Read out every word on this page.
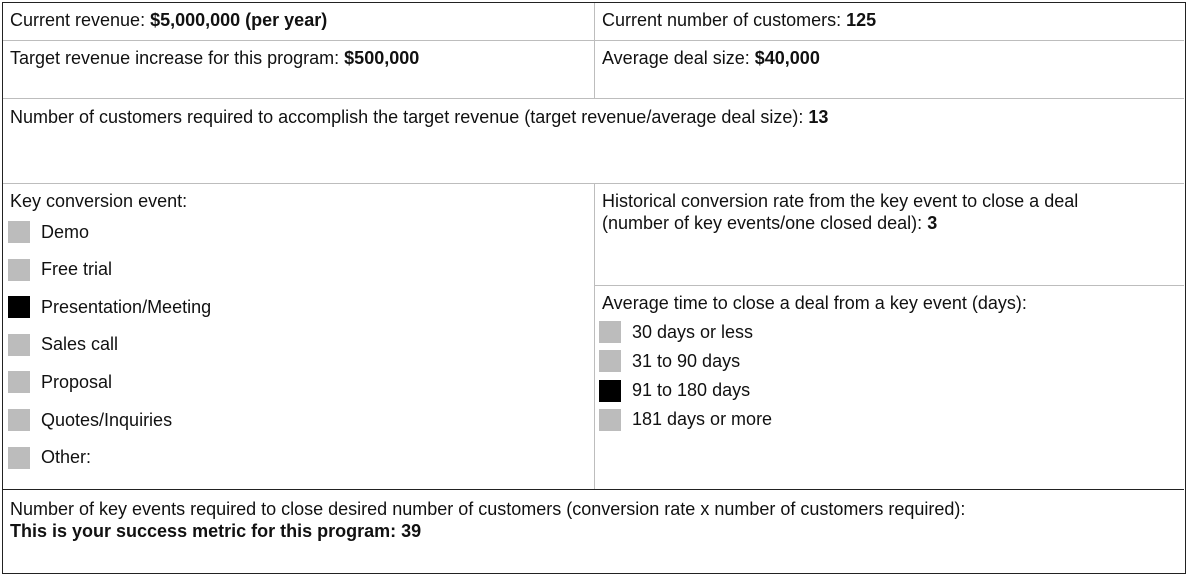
Current revenue: $5,000,000 (per year)	Current number of customers: 125
Target revenue increase for this program: $500,000	Average deal size: $40,000
Number of customers required to accomplish the target revenue (target revenue/average deal size): 13
Key conversion event:
Demo
Free trial
Presentation/Meeting
Sales call
Proposal
Quotes/Inquiries
Other:
Historical conversion rate from the key event to close a deal
(number of key events/one closed deal): 3
Average time to close a deal from a key event (days):
30 days or less
31 to 90 days
91 to 180 days
181 days or more
Number of key events required to close desired number of customers (conversion rate x number of customers required):
This is your success metric for this program: 39
